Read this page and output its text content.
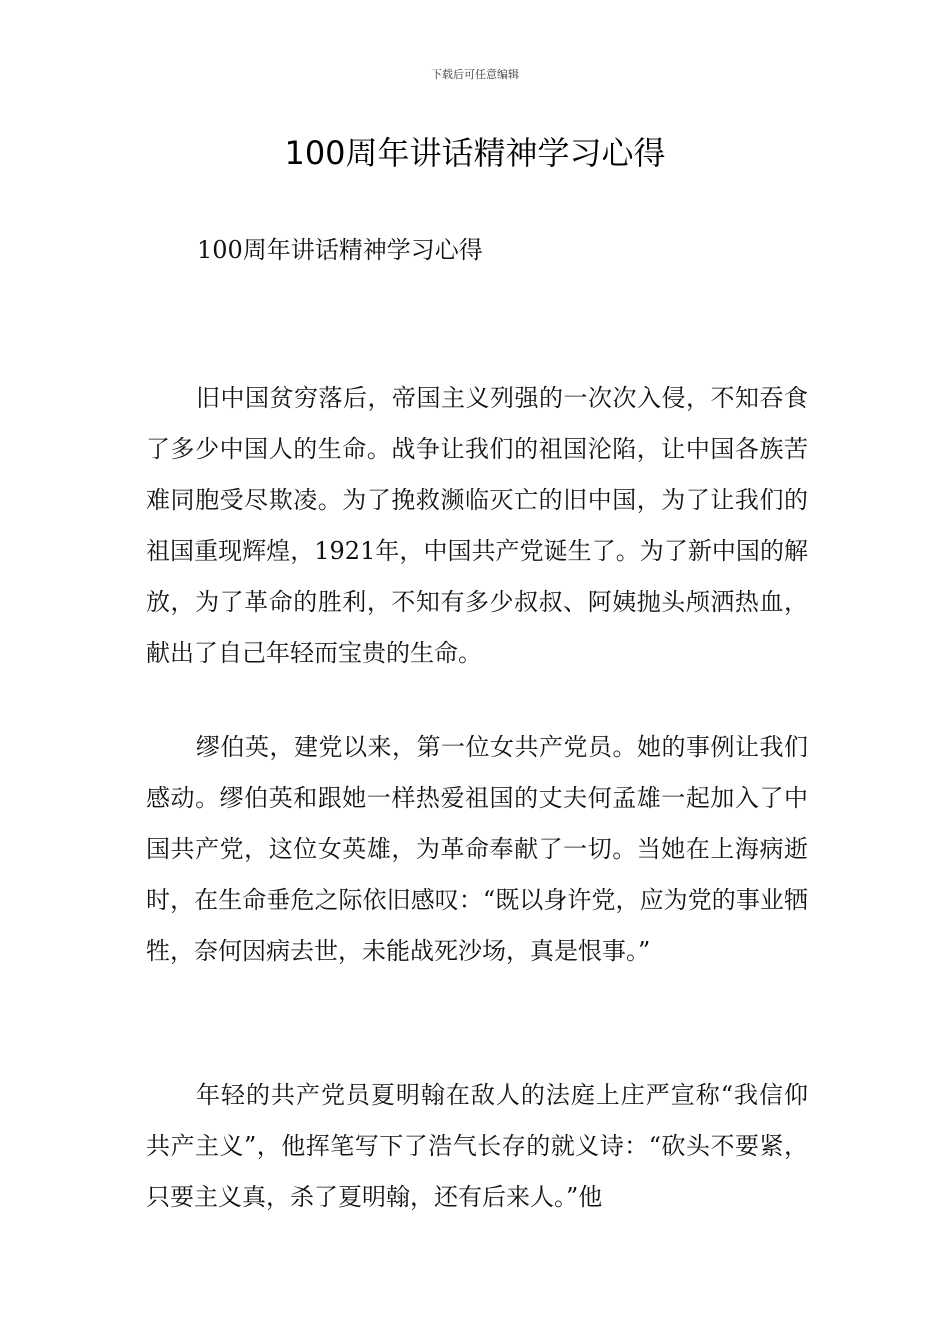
下载后可任意编辑
100周年讲话精神学习心得
100周年讲话精神学习心得

旧中国贫穷落后，帝国主义列强的一次次入侵，不知吞食了多少中国人的生命。战争让我们的祖国沦陷，让中国各族苦难同胞受尽欺凌。为了挽救濒临灭亡的旧中国，为了让我们的祖国重现辉煌，1921年，中国共产党诞生了。为了新中国的解放，为了革命的胜利，不知有多少叔叔、阿姨抛头颅洒热血，献出了自己年轻而宝贵的生命。

缪伯英，建党以来，第一位女共产党员。她的事例让我们感动。缪伯英和跟她一样热爱祖国的丈夫何孟雄一起加入了中国共产党，这位女英雄，为革命奉献了一切。当她在上海病逝时，在生命垂危之际依旧感叹：“既以身许党，应为党的事业牺牲，奈何因病去世，未能战死沙场，真是恨事。”

年轻的共产党员夏明翰在敌人的法庭上庄严宣称“我信仰共产主义”，他挥笔写下了浩气长存的就义诗：“砍头不要紧，只要主义真，杀了夏明翰，还有后来人。”他
